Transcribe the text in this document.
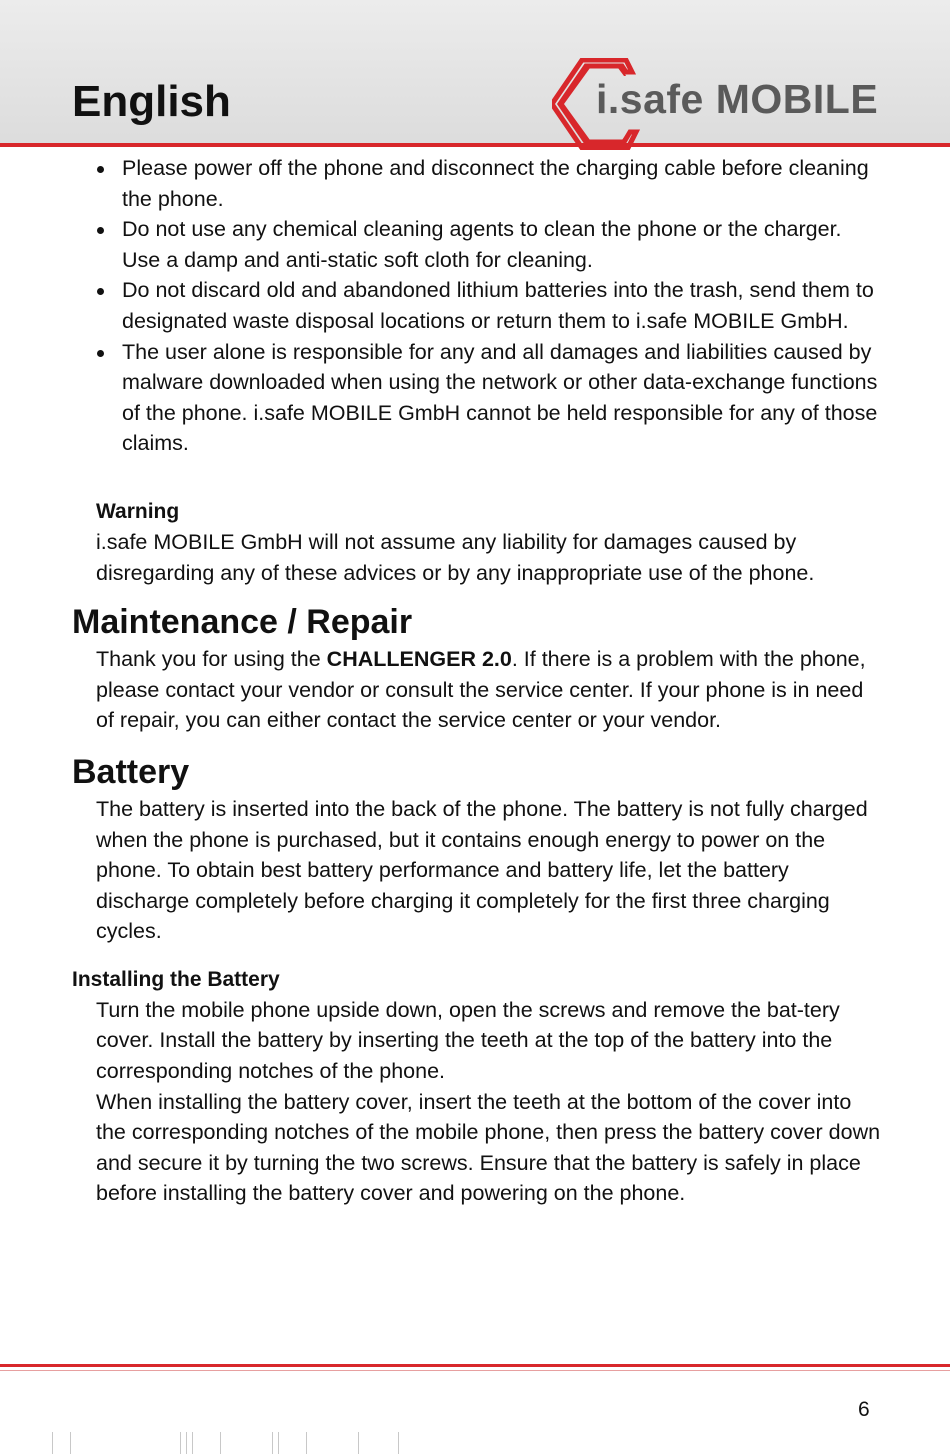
English	i.safe MOBILE
Please power off the phone and disconnect the charging cable before cleaning the phone.
Do not use any chemical cleaning agents to clean the phone or the charger. Use a damp and anti-static soft cloth for cleaning.
Do not discard old and abandoned lithium batteries into the trash, send them to designated waste disposal locations or return them to i.safe MOBILE GmbH.
The user alone is responsible for any and all damages and liabilities caused by malware downloaded when using the network or other data-exchange functions of the phone. i.safe MOBILE GmbH cannot be held responsible for any of those claims.
Warning
i.safe MOBILE GmbH will not assume any liability for damages caused by disregarding any of these advices or by any inappropriate use of the phone.
Maintenance / Repair
Thank you for using the CHALLENGER 2.0. If there is a problem with the phone, please contact your vendor or consult the service center. If your phone is in need of repair, you can either contact the service center or your vendor.
Battery
The battery is inserted into the back of the phone. The battery is not fully charged when the phone is purchased, but it contains enough energy to power on the phone. To obtain best battery performance and battery life, let the battery discharge completely before charging it completely for the first three charging cycles.
Installing the Battery
Turn the mobile phone upside down, open the screws and remove the bat-tery cover. Install the battery by inserting the teeth at the top of the battery into the corresponding notches of the phone.
When installing the battery cover, insert the teeth at the bottom of the cover into the corresponding notches of the mobile phone, then press the battery cover down and secure it by turning the two screws. Ensure that the battery is safely in place before installing the battery cover and powering on the phone.
6
